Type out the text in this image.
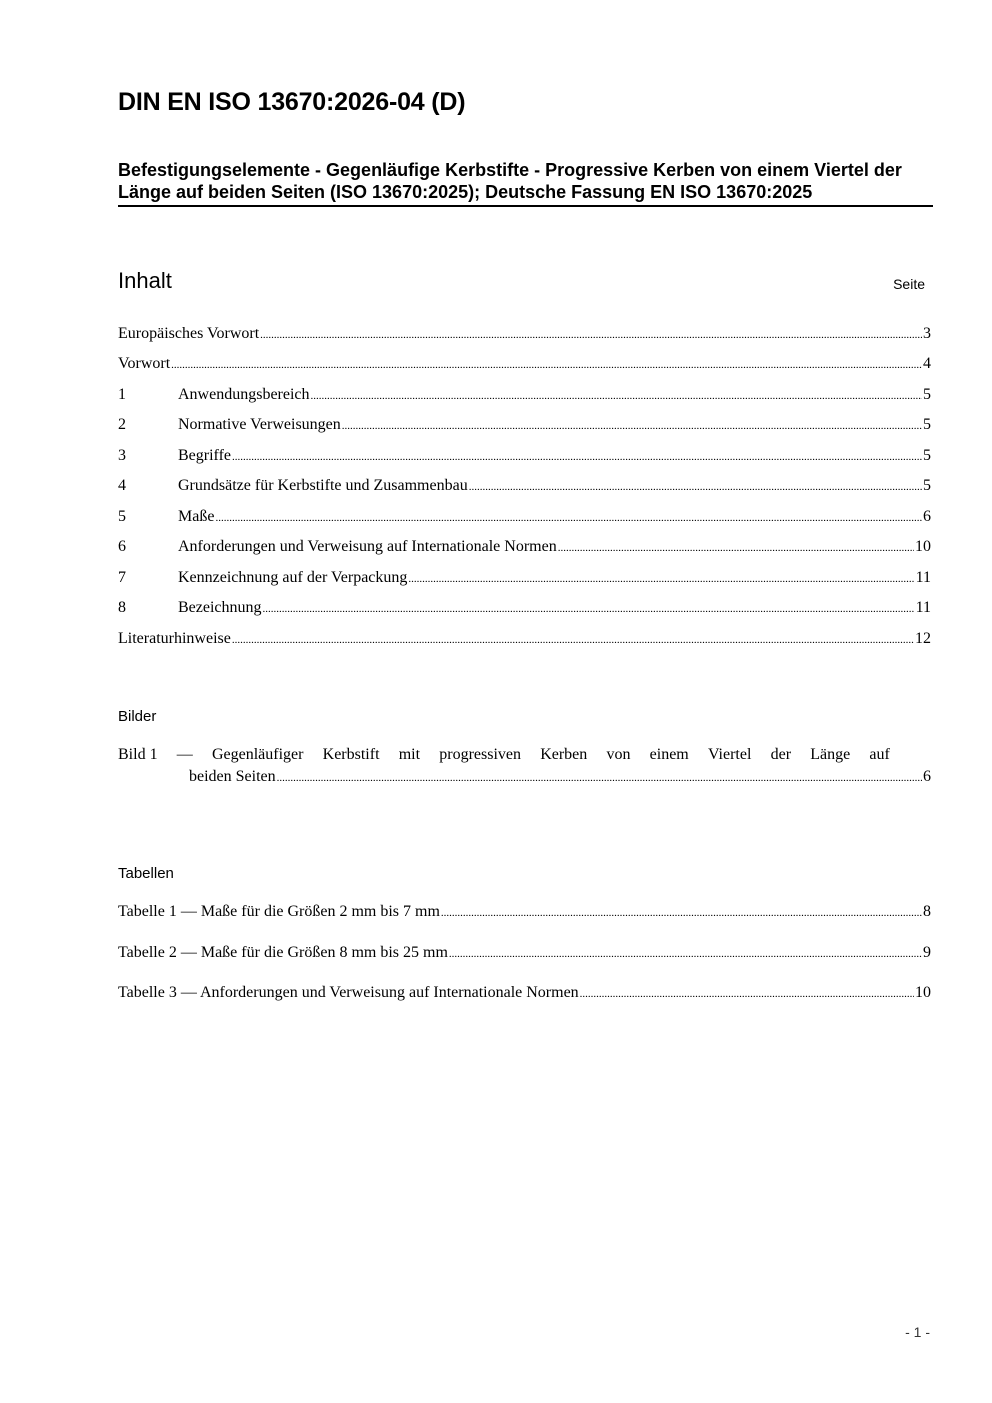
DIN EN ISO 13670:2026-04 (D)
Befestigungselemente - Gegenläufige Kerbstifte - Progressive Kerben von einem Viertel der Länge auf beiden Seiten (ISO 13670:2025); Deutsche Fassung EN ISO 13670:2025
Inhalt	Seite
Europäisches Vorwort .....	3
Vorwort .....	4
1	Anwendungsbereich .....	5
2	Normative Verweisungen .....	5
3	Begriffe .....	5
4	Grundsätze für Kerbstifte und Zusammenbau .....	5
5	Maße .....	6
6	Anforderungen und Verweisung auf Internationale Normen .....	10
7	Kennzeichnung auf der Verpackung .....	11
8	Bezeichnung .....	11
Literaturhinweise .....	12
Bilder
Bild 1 — Gegenläufiger Kerbstift mit progressiven Kerben von einem Viertel der Länge auf
beiden Seiten .....	6
Tabellen
Tabelle 1 — Maße für die Größen 2 mm bis 7 mm .....	8
Tabelle 2 — Maße für die Größen 8 mm bis 25 mm .....	9
Tabelle 3 — Anforderungen und Verweisung auf Internationale Normen .....	10
- 1 -
